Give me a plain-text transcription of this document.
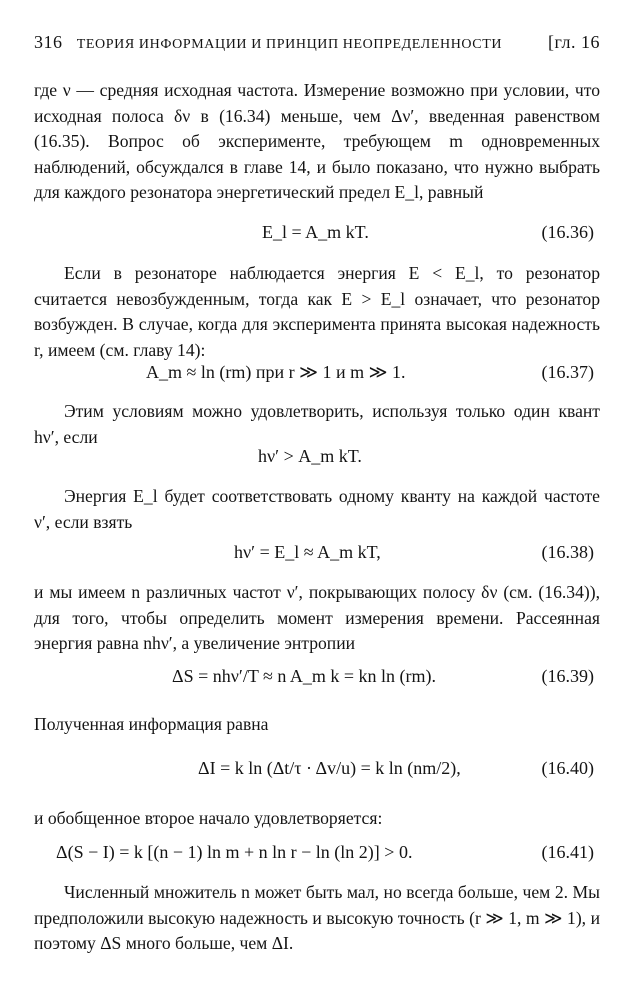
316 ТЕОРИЯ ИНФОРМАЦИИ И ПРИНЦИП НЕОПРЕДЕЛЕННОСТИ	[гл. 16

где ν — средняя исходная частота. Измерение возможно при условии, что исходная полоса δν в (16.34) меньше, чем Δν′, введенная равенством (16.35). Вопрос об эксперименте, требующем m одновременных наблюдений, обсуждался в главе 14, и было показано, что нужно выбрать для каждого резонатора энергетический предел E_l, равный

E_l = A_m kT.	(16.36)

Если в резонаторе наблюдается энергия E < E_l, то резонатор считается невозбужденным, тогда как E > E_l означает, что резонатор возбужден. В случае, когда для эксперимента принята высокая надежность r, имеем (см. главу 14):

A_m ≈ ln (rm) при r ≫ 1 и m ≫ 1.	(16.37)

Этим условиям можно удовлетворить, используя только один квант hν′, если

hν′ > A_m kT.

Энергия E_l будет соответствовать одному кванту на каждой частоте ν′, если взять

hν′ = E_l ≈ A_m kT,	(16.38)

и мы имеем n различных частот ν′, покрывающих полосу δν (см. (16.34)), для того, чтобы определить момент измерения времени. Рассеянная энергия равна nhν′, а увеличение энтропии

ΔS = nhν′/T ≈ n A_m k = kn ln (rm).	(16.39)

Полученная информация равна

ΔI = k ln (Δt/τ · Δv/u) = k ln (nm/2),	(16.40)

и обобщенное второе начало удовлетворяется:

Δ(S − I) = k [(n − 1) ln m + n ln r − ln (ln 2)] > 0.	(16.41)

Численный множитель n может быть мал, но всегда больше, чем 2. Мы предположили высокую надежность и высокую точность (r ≫ 1, m ≫ 1), и поэтому ΔS много больше, чем ΔI.
